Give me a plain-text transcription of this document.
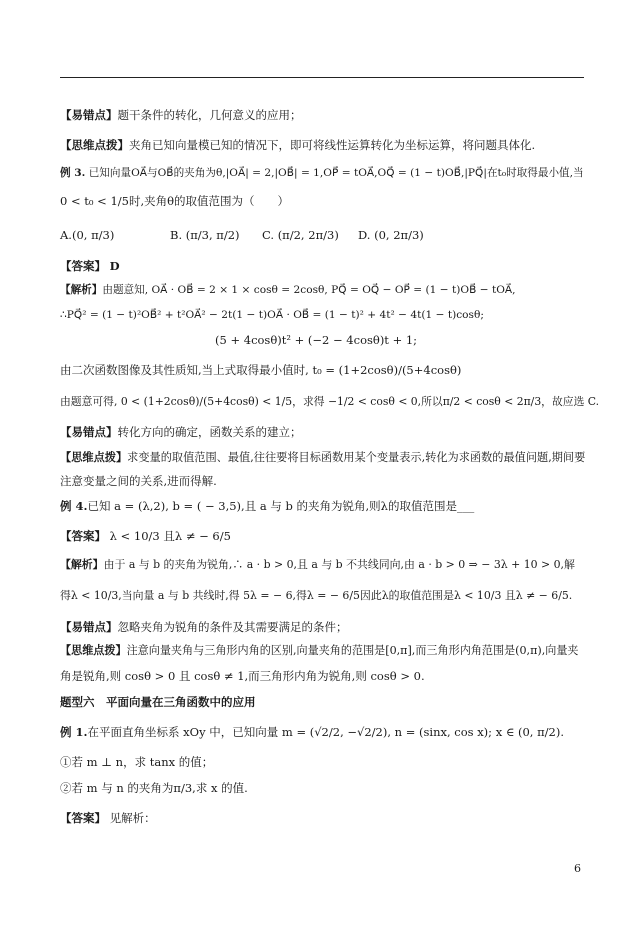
【易错点】题干条件的转化，几何意义的应用；
【思维点拨】夹角已知向量模已知的情况下，即可将线性运算转化为坐标运算，将问题具体化.
例 3. 已知向量OA⃗与OB⃗的夹角为θ,|OA⃗| = 2,|OB⃗| = 1,OP⃗ = tOA⃗,OQ⃗ = (1 − t)OB⃗,|PQ⃗|在t₀时取得最小值,当
0 < t₀ < 1/5时,夹角θ的取值范围为（　　）
A.(0, π/3)	B. (π/3, π/2) C. (π/2, 2π/3) D. (0, 2π/3)
【答案】 D
【解析】由题意知, OA⃗ · OB⃗ = 2 × 1 × cosθ = 2cosθ, PQ⃗ = OQ⃗ − OP⃗ = (1 − t)OB⃗ − tOA⃗,
∴PQ⃗² = (1 − t)²OB⃗² + t²OA⃗² − 2t(1 − t)OA⃗ · OB⃗ = (1 − t)² + 4t² − 4t(1 − t)cosθ;
(5 + 4cosθ)t² + (−2 − 4cosθ)t + 1;
由二次函数图像及其性质知,当上式取得最小值时, t₀ = (1+2cosθ)/(5+4cosθ)
由题意可得, 0 < (1+2cosθ)/(5+4cosθ) < 1/5，求得 −1/2 < cosθ < 0,所以π/2 < cosθ < 2π/3，故应选 C.
【易错点】转化方向的确定，函数关系的建立；
【思维点拨】求变量的取值范围、最值,往往要将目标函数用某个变量表示,转化为求函数的最值问题,期间要
注意变量之间的关系,进而得解.
例 4.已知 a = (λ,2), b = ( − 3,5),且 a 与 b 的夹角为锐角,则λ的取值范围是___
【答案】 λ < 10/3 且λ ≠ − 6/5
【解析】由于 a 与 b 的夹角为锐角,∴ a · b > 0,且 a 与 b 不共线同向,由 a · b > 0 ⇒ − 3λ + 10 > 0,解
得λ < 10/3,当向量 a 与 b 共线时,得 5λ = − 6,得λ = − 6/5因此λ的取值范围是λ < 10/3 且λ ≠ − 6/5.
【易错点】忽略夹角为锐角的条件及其需要满足的条件；
【思维点拨】注意向量夹角与三角形内角的区别,向量夹角的范围是[0,π],而三角形内角范围是(0,π),向量夹
角是锐角,则 cosθ > 0 且 cosθ ≠ 1,而三角形内角为锐角,则 cosθ > 0.
题型六　 平面向量在三角函数中的应用
例 1.在平面直角坐标系 xOy 中，已知向量 m = (√2/2, −√2/2), n = (sinx, cos x); x ∈ (0, π/2).
①若 m ⊥ n，求 tanx 的值；
②若 m 与 n 的夹角为π/3,求 x 的值.
【答案】 见解析：
6
